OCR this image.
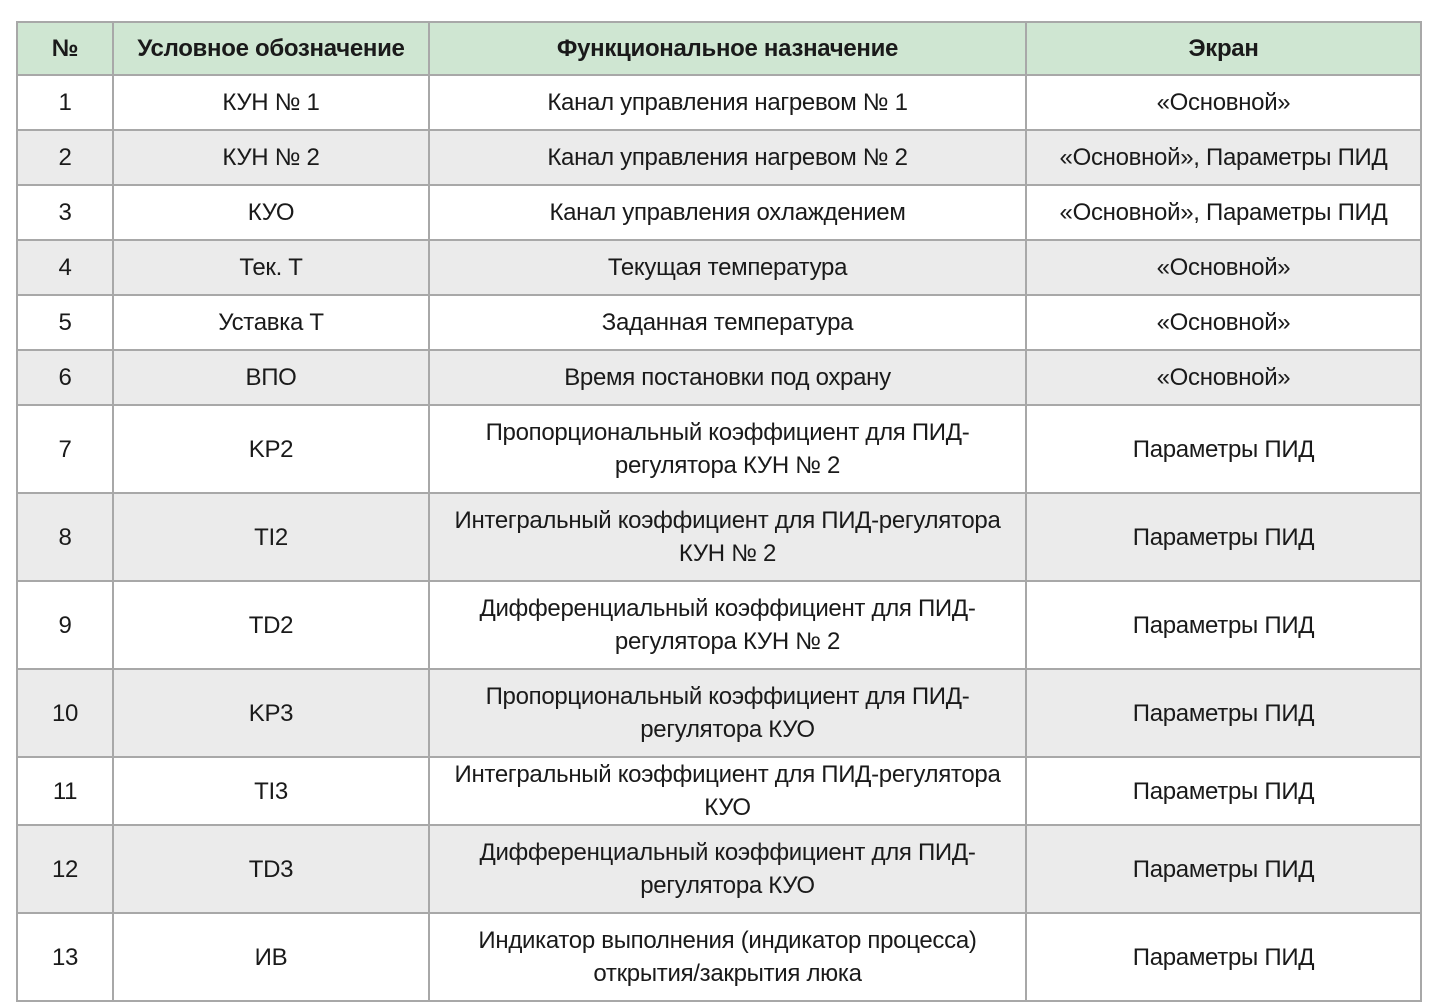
№	Условное обозначение	Функциональное назначение	Экран
1	КУН № 1	Канал управления нагревом № 1	«Основной»
2	КУН № 2	Канал управления нагревом № 2	«Основной», Параметры ПИД
3	КУО	Канал управления охлаждением	«Основной», Параметры ПИД
4	Тек. Т	Текущая температура	«Основной»
5	Уставка Т	Заданная температура	«Основной»
6	ВПО	Время постановки под охрану	«Основной»
7	KP2	Пропорциональный коэффициент для ПИД-регулятора КУН № 2	Параметры ПИД
8	TI2	Интегральный коэффициент для ПИД-регулятора КУН № 2	Параметры ПИД
9	TD2	Дифференциальный коэффициент для ПИД-регулятора КУН № 2	Параметры ПИД
10	KP3	Пропорциональный коэффициент для ПИД-регулятора КУО	Параметры ПИД
11	TI3	Интегральный коэффициент для ПИД-регулятора КУО	Параметры ПИД
12	TD3	Дифференциальный коэффициент для ПИД-регулятора КУО	Параметры ПИД
13	ИВ	Индикатор выполнения (индикатор процесса) открытия/закрытия люка	Параметры ПИД
